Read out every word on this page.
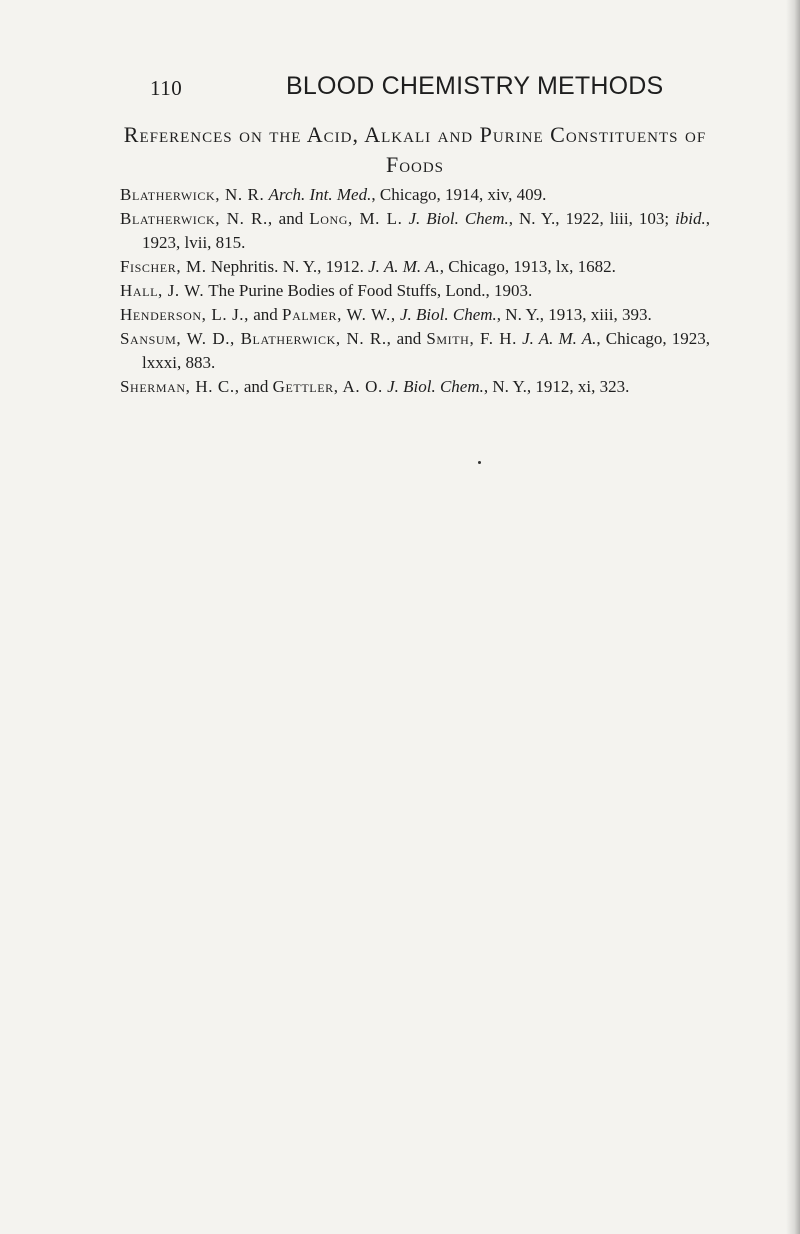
110	BLOOD CHEMISTRY METHODS
References on the Acid, Alkali and Purine Constituents of Foods

Blatherwick, N. R. Arch. Int. Med., Chicago, 1914, xiv, 409.

Blatherwick, N. R., and Long, M. L. J. Biol. Chem., N. Y., 1922, liii, 103; ibid., 1923, lvii, 815.

Fischer, M. Nephritis. N. Y., 1912. J. A. M. A., Chicago, 1913, lx, 1682.

Hall, J. W. The Purine Bodies of Food Stuffs, Lond., 1903.

Henderson, L. J., and Palmer, W. W., J. Biol. Chem., N. Y., 1913, xiii, 393.

Sansum, W. D., Blatherwick, N. R., and Smith, F. H. J. A. M. A., Chicago, 1923, lxxxi, 883.

Sherman, H. C., and Gettler, A. O. J. Biol. Chem., N. Y., 1912, xi, 323.
